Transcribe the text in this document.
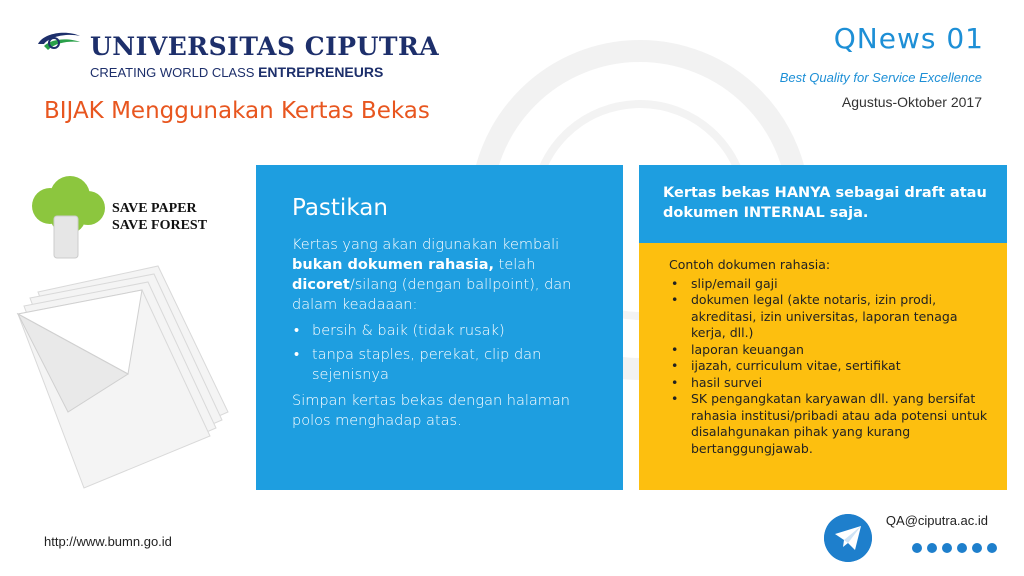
UNIVERSITAS CIPUTRA
CREATING WORLD CLASS ENTREPRENEURS
BIJAK Menggunakan Kertas Bekas
QNews 01
Best Quality for Service Excellence
Agustus-Oktober 2017
SAVE PAPER
SAVE FOREST
Pastikan
Kertas yang akan digunakan kembali bukan dokumen rahasia, telah dicoret/silang (dengan ballpoint), dan dalam keadaaan:
• bersih & baik (tidak rusak)
• tanpa staples, perekat, clip dan sejenisnya
Simpan kertas bekas dengan halaman polos menghadap atas.
Kertas bekas HANYA sebagai draft atau dokumen INTERNAL saja.
Contoh dokumen rahasia:
• slip/email gaji
• dokumen legal (akte notaris, izin prodi, akreditasi, izin universitas, laporan tenaga kerja, dll.)
• laporan keuangan
• ijazah, curriculum vitae, sertifikat
• hasil survei
• SK pengangkatan karyawan dll. yang bersifat rahasia institusi/pribadi atau ada potensi untuk disalahgunakan pihak yang kurang bertanggungjawab.
http://www.bumn.go.id
QA@ciputra.ac.id
